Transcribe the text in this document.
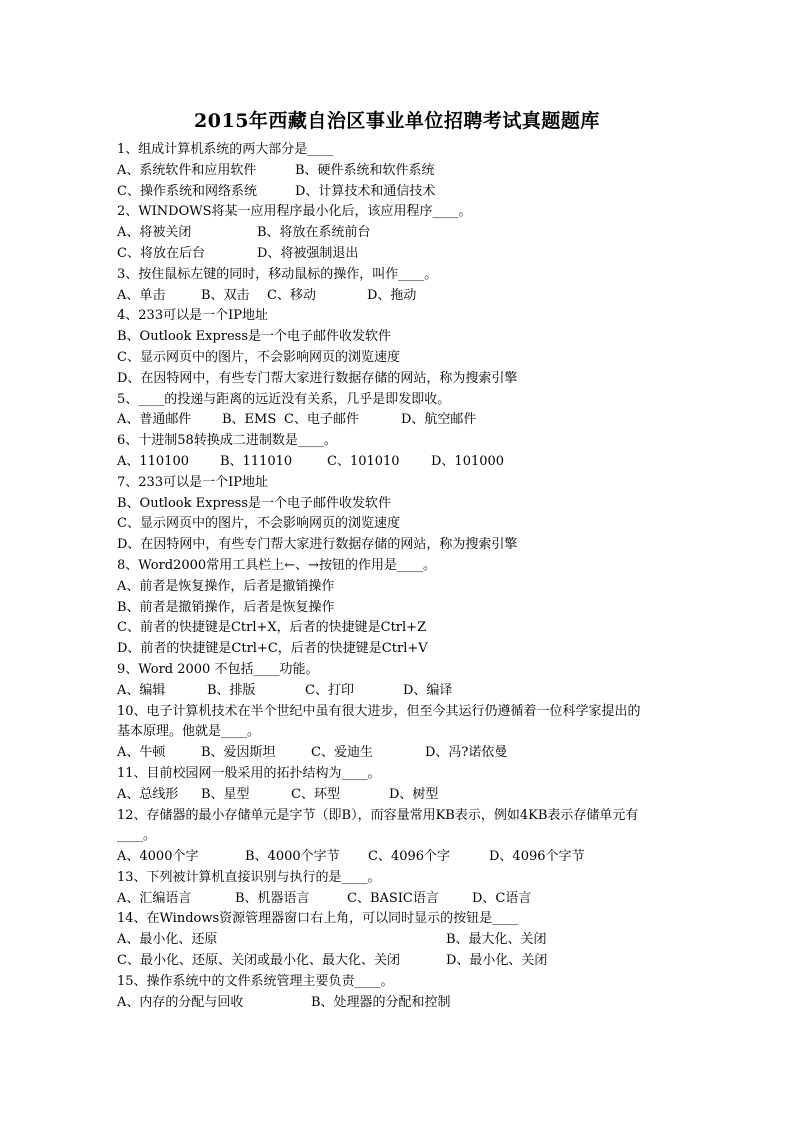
2015年西藏自治区事业单位招聘考试真题题库
1、组成计算机系统的两大部分是____
A、系统软件和应用软件	B、硬件系统和软件系统
C、操作系统和网络系统	D、计算技术和通信技术
2、WINDOWS将某一应用程序最小化后，该应用程序____。
A、将被关闭	B、将放在系统前台
C、将放在后台	D、将被强制退出
3、按住鼠标左键的同时，移动鼠标的操作，叫作____。
A、单击	B、双击 C、移动	D、拖动
4、233可以是一个IP地址
B、Outlook Express是一个电子邮件收发软件
C、显示网页中的图片，不会影响网页的浏览速度
D、在因特网中，有些专门帮大家进行数据存储的网站，称为搜索引擎
5、____的投递与距离的远近没有关系，几乎是即发即收。
A、普通邮件 B、EMS C、电子邮件	D、航空邮件
6、十进制58转换成二进制数是____。
A、110100 B、111010	C、101010 D、101000
7、233可以是一个IP地址
B、Outlook Express是一个电子邮件收发软件
C、显示网页中的图片，不会影响网页的浏览速度
D、在因特网中，有些专门帮大家进行数据存储的网站，称为搜索引擎
8、Word2000常用工具栏上←、→按钮的作用是____。
A、前者是恢复操作，后者是撤销操作
B、前者是撤销操作，后者是恢复操作
C、前者的快捷键是Ctrl+X，后者的快捷键是Ctrl+Z
D、前者的快捷键是Ctrl+C，后者的快捷键是Ctrl+V
9、Word 2000 不包括____功能。
A、编辑	B、排版	C、打印	D、编译
10、电子计算机技术在半个世纪中虽有很大进步，但至今其运行仍遵循着一位科学家提出的
基本原理。他就是____。
A、牛顿	B、爱因斯坦	C、爱迪生	D、冯?诺依曼
11、目前校园网一般采用的拓扑结构为____。
A、总线形 B、星型	C、环型	D、树型
12、存储器的最小存储单元是字节（即B），而容量常用KB表示，例如4KB表示存储单元有
____。
A、4000个字	B、4000个字节 C、4096个字	D、4096个字节
13、下列被计算机直接识别与执行的是____。
A、汇编语言	B、机器语言	C、BASIC语言	D、C语言
14、在Windows资源管理器窗口右上角，可以同时显示的按钮是____
A、最小化、还原	B、最大化、关闭
C、最小化、还原、关闭或最小化、最大化、关闭	D、最小化、关闭
15、操作系统中的文件系统管理主要负责____。
A、内存的分配与回收	B、处理器的分配和控制
